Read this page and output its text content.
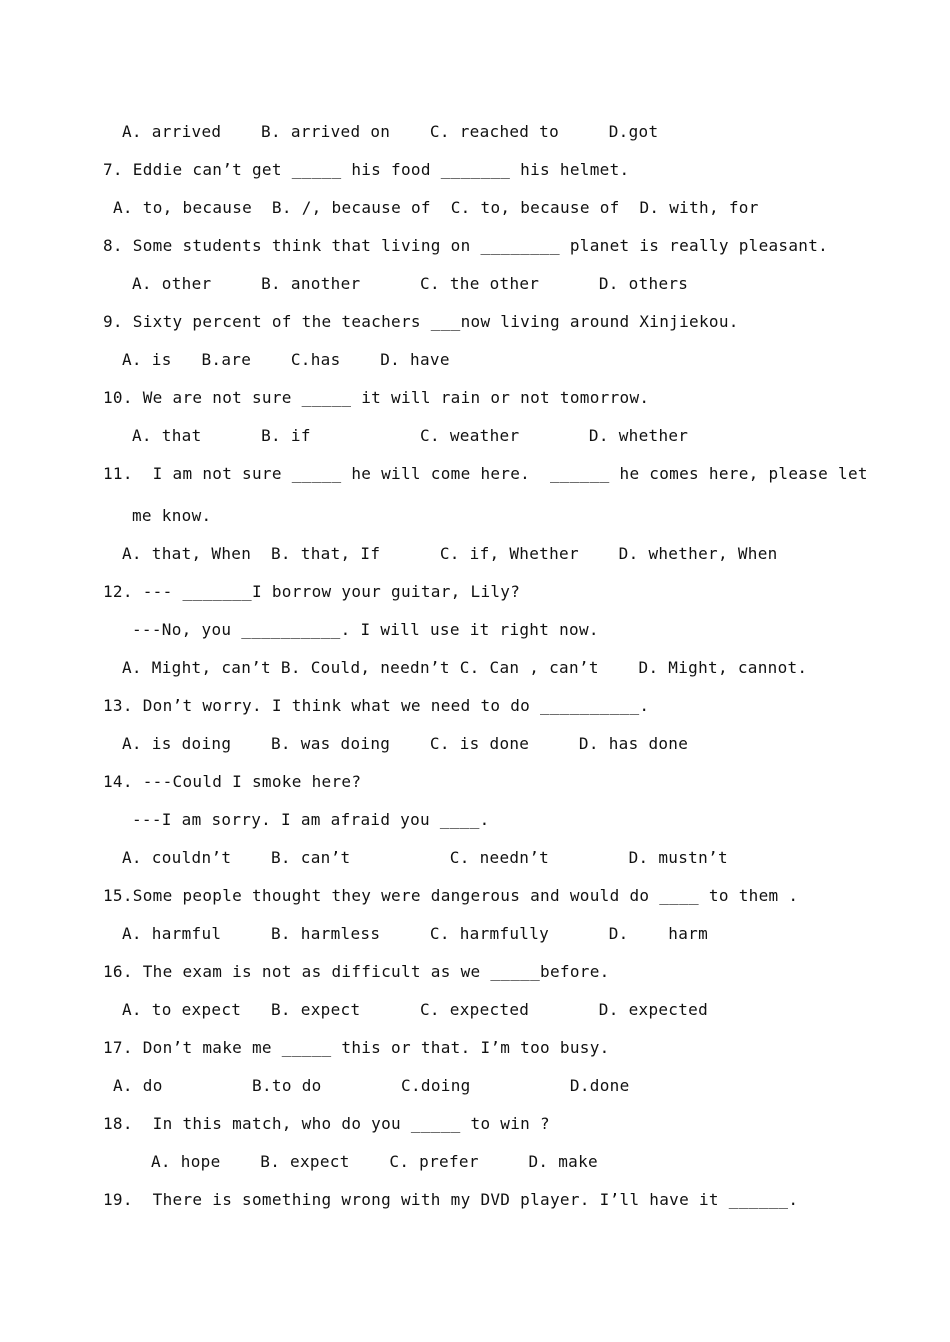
A. arrived    B. arrived on    C. reached to     D.got
7. Eddie can’t get _____ his food _______ his helmet.
A. to, because  B. /, because of  C. to, because of  D. with, for
8. Some students think that living on ________ planet is really pleasant.
A. other     B. another      C. the other      D. others
9. Sixty percent of the teachers ___now living around Xinjiekou.
A. is   B.are    C.has    D. have
10. We are not sure _____ it will rain or not tomorrow.
A. that      B. if           C. weather       D. whether
11.  I am not sure _____ he will come here.  ______ he comes here, please let
me know.
A. that, When  B. that, If      C. if, Whether    D. whether, When
12. --- _______I borrow your guitar, Lily?
---No, you __________. I will use it right now.
A. Might, can’t B. Could, needn’t C. Can , can’t    D. Might, cannot.
13. Don’t worry. I think what we need to do __________.
A. is doing    B. was doing    C. is done     D. has done
14. ---Could I smoke here?
---I am sorry. I am afraid you ____.
A. couldn’t    B. can’t          C. needn’t        D. mustn’t
15.Some people thought they were dangerous and would do ____ to them .
A. harmful     B. harmless     C. harmfully      D.    harm
16. The exam is not as difficult as we _____before.
A. to expect   B. expect      C. expected       D. expected
17. Don’t make me _____ this or that. I’m too busy.
A. do         B.to do        C.doing          D.done
18.  In this match, who do you _____ to win ?
A. hope    B. expect    C. prefer     D. make
19.  There is something wrong with my DVD player. I’ll have it ______.
